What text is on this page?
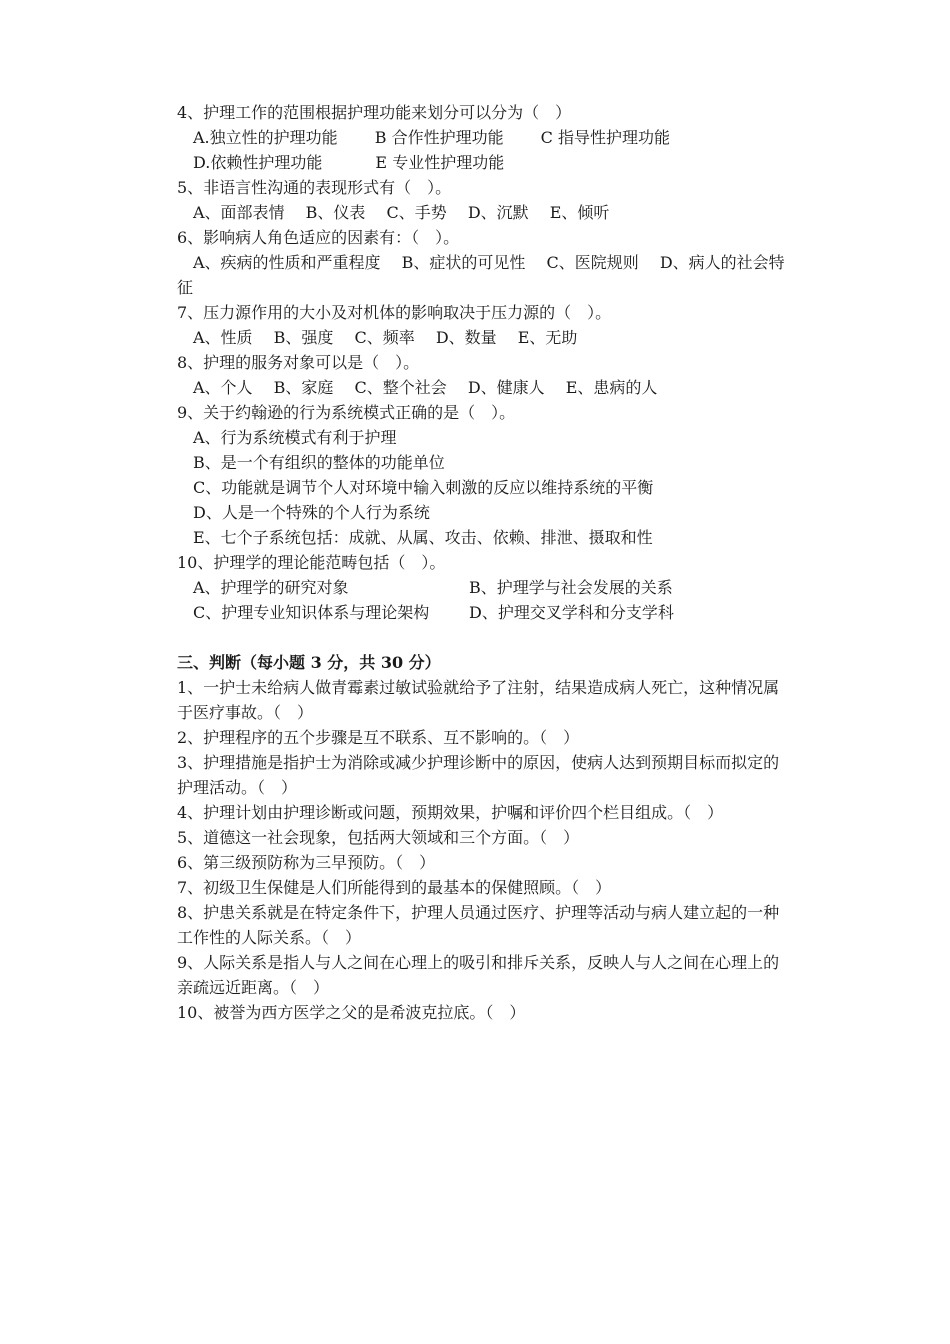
4、护理工作的范围根据护理功能来划分可以分为（　）
A.独立性的护理功能　　 B 合作性护理功能　　 C 指导性护理功能
D.依赖性护理功能　　　 E 专业性护理功能
5、非语言性沟通的表现形式有（　）。
A、面部表情　 B、仪表　 C、手势　 D、沉默　 E、倾听
6、影响病人角色适应的因素有：（　）。
A、疾病的性质和严重程度　 B、症状的可见性　 C、医院规则　 D、病人的社会特
征
7、压力源作用的大小及对机体的影响取决于压力源的（　）。
A、性质　 B、强度　 C、频率　 D、数量　 E、无助
8、护理的服务对象可以是（　）。
A、个人　 B、家庭　 C、整个社会　 D、健康人　 E、患病的人
9、关于约翰逊的行为系统模式正确的是（　）。
A、行为系统模式有利于护理
B、是一个有组织的整体的功能单位
C、功能就是调节个人对环境中输入刺激的反应以维持系统的平衡
D、人是一个特殊的个人行为系统
E、七个子系统包括：成就、从属、攻击、依赖、排泄、摄取和性
10、护理学的理论能范畴包括（　）。
A、护理学的研究对象	B、护理学与社会发展的关系
C、护理专业知识体系与理论架构 D、护理交叉学科和分支学科
三、判断（每小题 3 分，共 30 分）
1、一护士未给病人做青霉素过敏试验就给予了注射，结果造成病人死亡，这种情况属
于医疗事故。（　）
2、护理程序的五个步骤是互不联系、互不影响的。（　）
3、护理措施是指护士为消除或减少护理诊断中的原因，使病人达到预期目标而拟定的
护理活动。（　）
4、护理计划由护理诊断或问题，预期效果，护嘱和评价四个栏目组成。（　）
5、道德这一社会现象，包括两大领域和三个方面。（　）
6、第三级预防称为三早预防。（　）
7、初级卫生保健是人们所能得到的最基本的保健照顾。（　）
8、护患关系就是在特定条件下，护理人员通过医疗、护理等活动与病人建立起的一种
工作性的人际关系。（　）
9、人际关系是指人与人之间在心理上的吸引和排斥关系，反映人与人之间在心理上的
亲疏远近距离。（　）
10、被誉为西方医学之父的是希波克拉底。（　）
